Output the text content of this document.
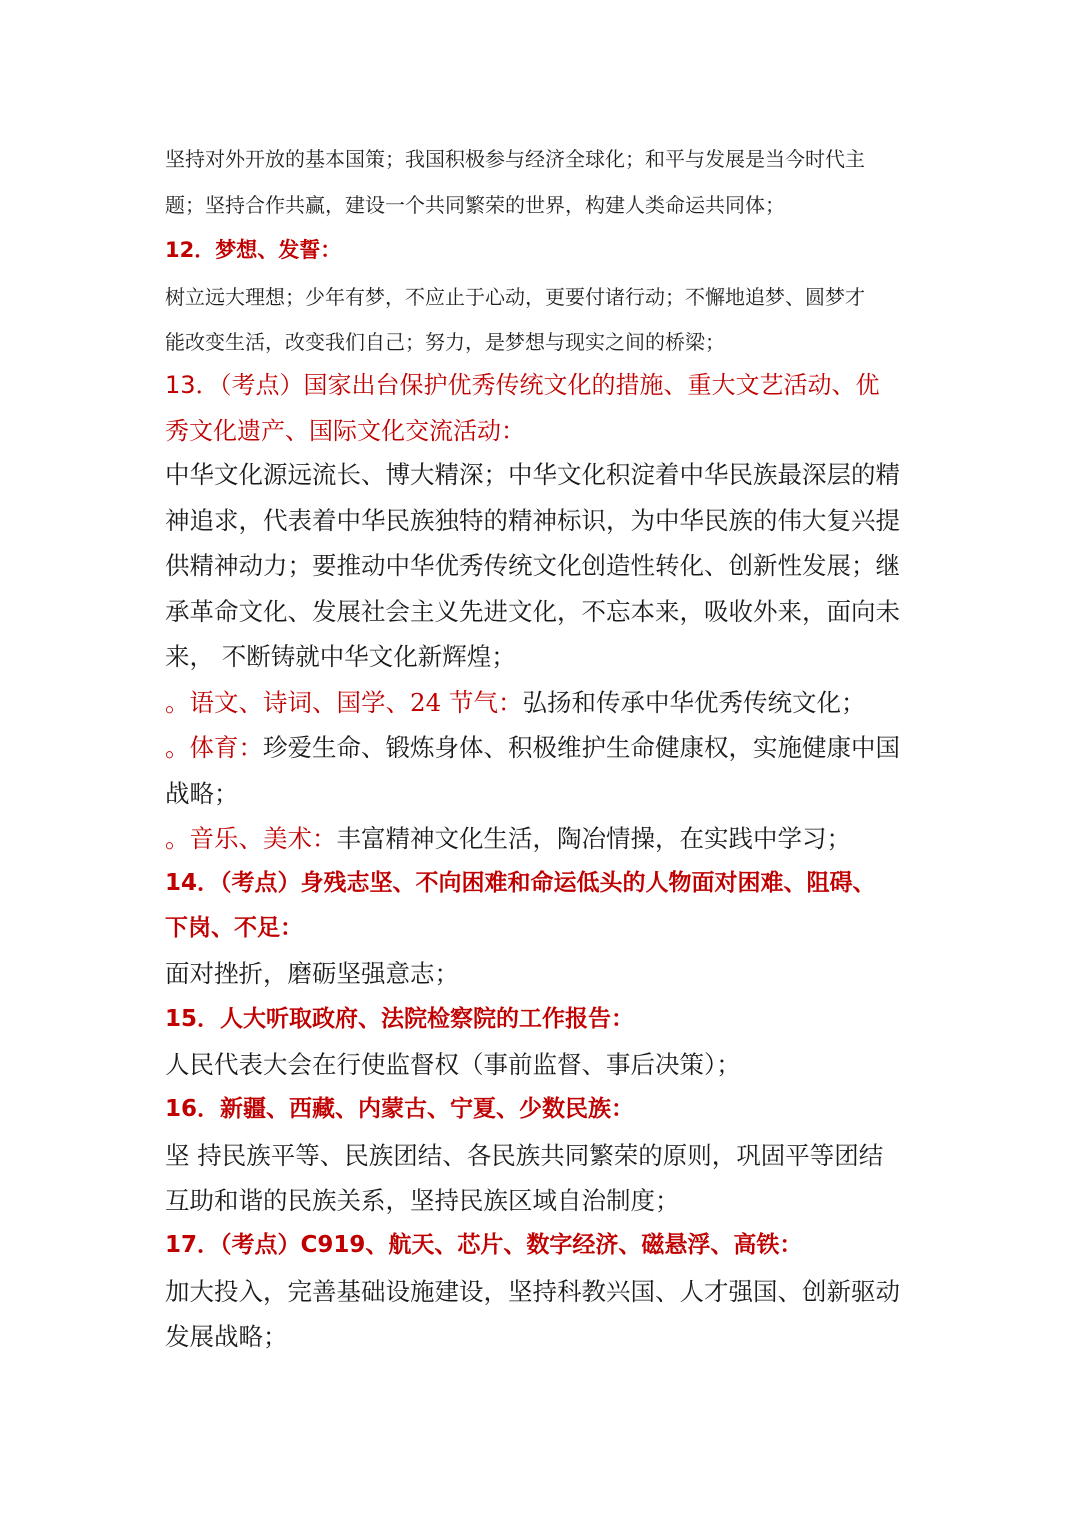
坚持对外开放的基本国策；我国积极参与经济全球化；和平与发展是当今时代主
题；坚持合作共赢，建设一个共同繁荣的世界，构建人类命运共同体；
12．梦想、发誓：
树立远大理想；少年有梦，不应止于心动，更要付诸行动；不懈地追梦、圆梦才
能改变生活，改变我们自己；努力，是梦想与现实之间的桥梁；
13．（考点）国家出台保护优秀传统文化的措施、重大文艺活动、优
秀文化遗产、国际文化交流活动：
中华文化源远流长、博大精深；中华文化积淀着中华民族最深层的精
神追求，代表着中华民族独特的精神标识，为中华民族的伟大复兴提
供精神动力；要推动中华优秀传统文化创造性转化、创新性发展；继
承革命文化、发展社会主义先进文化，不忘本来，吸收外来，面向未
来， 不断铸就中华文化新辉煌；
。语文、诗词、国学、24 节气：弘扬和传承中华优秀传统文化；
。体育：珍爱生命、锻炼身体、积极维护生命健康权，实施健康中国
战略；
。音乐、美术：丰富精神文化生活，陶冶情操，在实践中学习；
14．（考点）身残志坚、不向困难和命运低头的人物面对困难、阻碍、
下岗、不足：
面对挫折，磨砺坚强意志；
15．人大听取政府、法院检察院的工作报告：
人民代表大会在行使监督权（事前监督、事后决策）；
16．新疆、西藏、内蒙古、宁夏、少数民族：
坚 持民族平等、民族团结、各民族共同繁荣的原则，巩固平等团结
互助和谐的民族关系，坚持民族区域自治制度；
17．（考点）C919、航天、芯片、数字经济、磁悬浮、高铁：
加大投入，完善基础设施建设，坚持科教兴国、人才强国、创新驱动
发展战略；
